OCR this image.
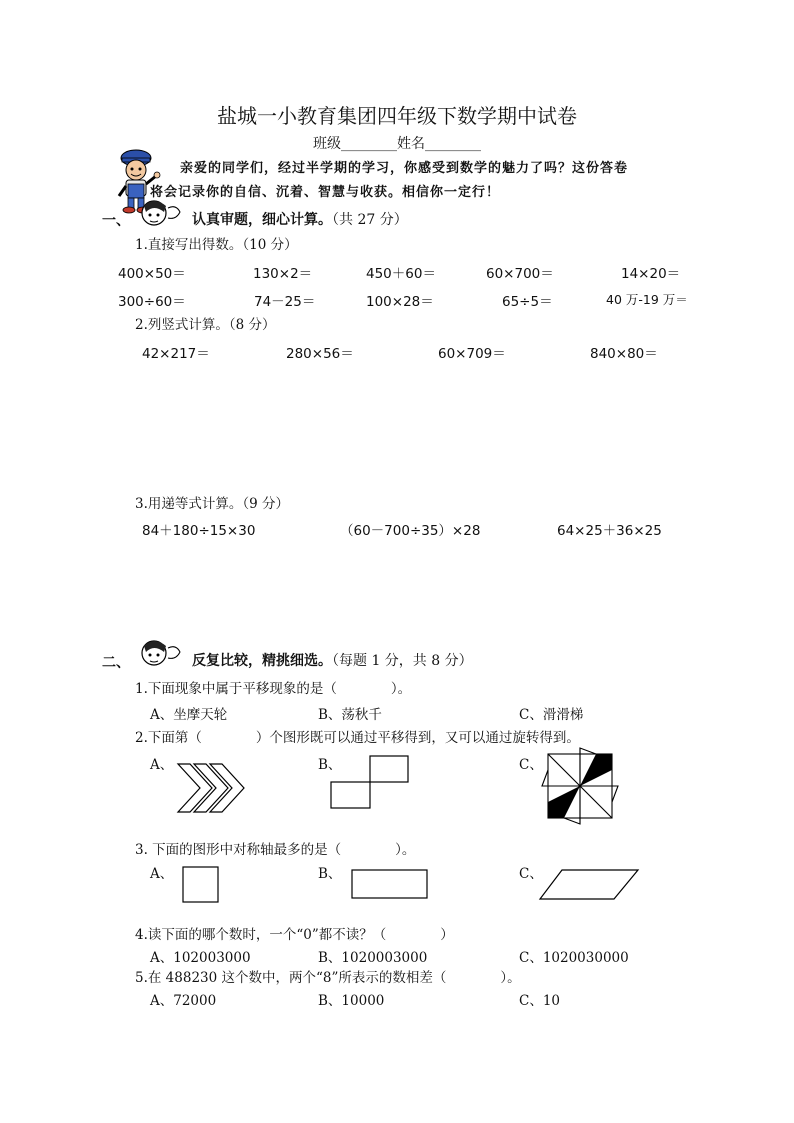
盐城一小教育集团四年级下数学期中试卷
班级________姓名________
亲爱的同学们，经过半学期的学习，你感受到数学的魅力了吗？这份答卷
将会记录你的自信、沉着、智慧与收获。相信你一定行！
一、	认真审题，细心计算。（共 27 分）
1.直接写出得数。（10 分）
400×50＝	130×2＝	450＋60＝	60×700＝	14×20＝
300÷60＝	74－25＝	100×28＝	65÷5＝	40 万-19 万＝
2.列竖式计算。（8 分）
42×217＝	280×56＝	60×709＝	840×80＝
3.用递等式计算。（9 分）
84＋180÷15×30	（60－700÷35）×28	64×25＋36×25
二、	反复比较，精挑细选。（每题 1 分，共 8 分）
1.下面现象中属于平移现象的是（　　　　）。
A、坐摩天轮	B、荡秋千	C、滑滑梯
2.下面第（　　　　）个图形既可以通过平移得到，又可以通过旋转得到。
A、	B、	C、
3. 下面的图形中对称轴最多的是（　　　　）。
A、	B、	C、
4.读下面的哪个数时，一个“0”都不读？（　　　　）
A、102003000	B、1020003000	C、1020030000
5.在 488230 这个数中，两个“8”所表示的数相差（　　　　）。
A、72000	B、10000	C、10
